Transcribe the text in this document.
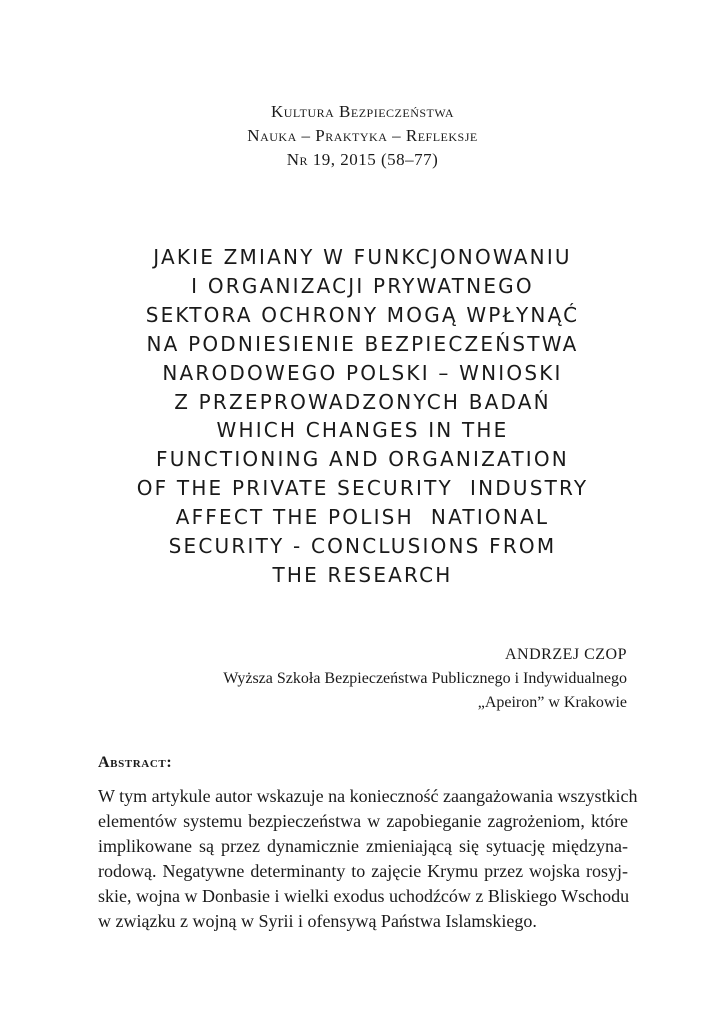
Kultura Bezpieczeństwa
Nauka – Praktyka – Refleksje
Nr 19, 2015 (58–77)
JAKIE ZMIANY W FUNKCJONOWANIU
I ORGANIZACJI PRYWATNEGO
SEKTORA OCHRONY MOGĄ WPŁYNĄĆ
NA PODNIESIENIE BEZPIECZEŃSTWA
NARODOWEGO POLSKI – WNIOSKI
Z PRZEPROWADZONYCH BADAŃ
WHICH CHANGES IN THE
FUNCTIONING AND ORGANIZATION
OF THE PRIVATE SECURITY  INDUSTRY
AFFECT THE POLISH  NATIONAL
SECURITY - CONCLUSIONS FROM
THE RESEARCH
ANDRZEJ CZOP
Wyższa Szkoła Bezpieczeństwa Publicznego i Indywidualnego
„Apeiron” w Krakowie
Abstract:
W tym artykule autor wskazuje na konieczność zaangażowania wszystkich
elementów systemu bezpieczeństwa w zapobieganie zagrożeniom, które
implikowane są przez dynamicznie zmieniającą się sytuację międzyna-
rodową. Negatywne determinanty to zajęcie Krymu przez wojska rosyj-
skie, wojna w Donbasie i wielki exodus uchodźców z Bliskiego Wschodu
w związku z wojną w Syrii i ofensywą Państwa Islamskiego.
